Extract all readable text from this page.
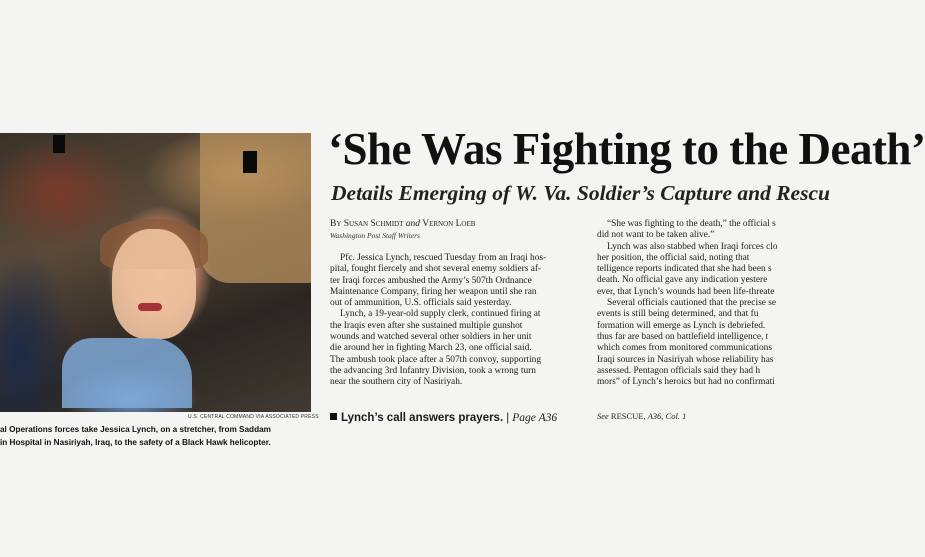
U.S. CENTRAL COMMAND VIA ASSOCIATED PRESS
al Operations forces take Jessica Lynch, on a stretcher, from Saddam
in Hospital in Nasiriyah, Iraq, to the safety of a Black Hawk helicopter.
‘She Was Fighting to the Death’
Details Emerging of W. Va. Soldier’s Capture and Rescu
By Susan Schmidt and Vernon Loeb
Washington Post Staff Writers
Pfc. Jessica Lynch, rescued Tuesday from an Iraqi hos-
pital, fought fiercely and shot several enemy soldiers af-
ter Iraqi forces ambushed the Army’s 507th Ordnance
Maintenance Company, firing her weapon until she ran
out of ammunition, U.S. officials said yesterday.
Lynch, a 19-year-old supply clerk, continued firing at
the Iraqis even after she sustained multiple gunshot
wounds and watched several other soldiers in her unit
die around her in fighting March 23, one official said.
The ambush took place after a 507th convoy, supporting
the advancing 3rd Infantry Division, took a wrong turn
near the southern city of Nasiriyah.
“She was fighting to the death,” the official s
did not want to be taken alive.”
Lynch was also stabbed when Iraqi forces clo
her position, the official said, noting that
telligence reports indicated that she had been s
death. No official gave any indication yestere
ever, that Lynch’s wounds had been life-threate
Several officials cautioned that the precise se
events is still being determined, and that fu
formation will emerge as Lynch is debriefed.
thus far are based on battlefield intelligence, t
which comes from monitored communications
Iraqi sources in Nasiriyah whose reliability has
assessed. Pentagon officials said they had h
mors” of Lynch’s heroics but had no confirmati
Lynch’s call answers prayers. | Page A36	See RESCUE, A36, Col. 1
